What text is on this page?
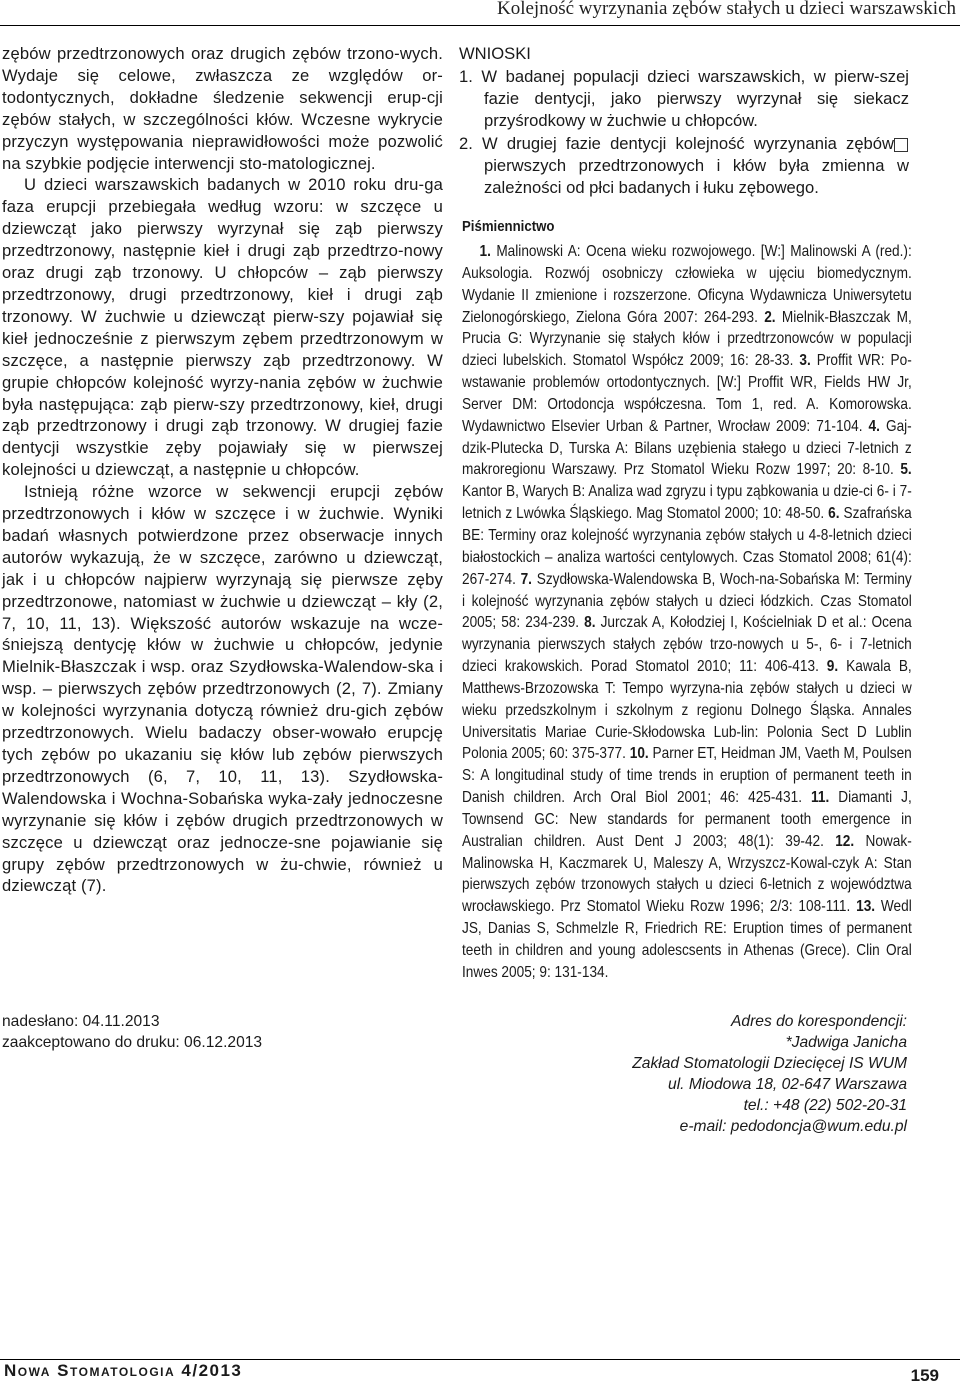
Kolejność wyrzynania zębów stałych u dzieci warszawskich

zębów przedtrzonowych oraz drugich zębów trzono-wych. Wydaje się celowe, zwłaszcza ze względów or-todontycznych, dokładne śledzenie sekwencji erup-cji zębów stałych, w szczególności kłów. Wczesne wykrycie przyczyn występowania nieprawidłowości może pozwolić na szybkie podjęcie interwencji sto-matologicznej.

U dzieci warszawskich badanych w 2010 roku dru-ga faza erupcji przebiegała według wzoru: w szczęce u dziewcząt jako pierwszy wyrzynał się ząb pierwszy przedtrzonowy, następnie kieł i drugi ząb przedtrzo-nowy oraz drugi ząb trzonowy. U chłopców – ząb pierwszy przedtrzonowy, drugi przedtrzonowy, kieł i drugi ząb trzonowy. W żuchwie u dziewcząt pierw-szy pojawiał się kieł jednocześnie z pierwszym zębem przedtrzonowym w szczęce, a następnie pierwszy ząb przedtrzonowy. W grupie chłopców kolejność wyrzy-nania zębów w żuchwie była następująca: ząb pierw-szy przedtrzonowy, kieł, drugi ząb przedtrzonowy i drugi ząb trzonowy. W drugiej fazie dentycji wszystkie zęby pojawiały się w pierwszej kolejności u dziewcząt, a następnie u chłopców.

Istnieją różne wzorce w sekwencji erupcji zębów przedtrzonowych i kłów w szczęce i w żuchwie. Wyniki badań własnych potwierdzone przez obserwacje innych autorów wykazują, że w szczęce, zarówno u dziewcząt, jak i u chłopców najpierw wyrzynają się pierwsze zęby przedtrzonowe, natomiast w żuchwie u dziewcząt – kły (2, 7, 10, 11, 13). Większość autorów wskazuje na wcze-śniejszą dentycję kłów w żuchwie u chłopców, jedynie Mielnik-Błaszczak i wsp. oraz Szydłowska-Walendow-ska i wsp. – pierwszych zębów przedtrzonowych (2, 7). Zmiany w kolejności wyrzynania dotyczą również dru-gich zębów przedtrzonowych. Wielu badaczy obser-wowało erupcję tych zębów po ukazaniu się kłów lub zębów pierwszych przedtrzonowych (6, 7, 10, 11, 13). Szydłowska-Walendowska i Wochna-Sobańska wyka-zały jednoczesne wyrzynanie się kłów i zębów drugich przedtrzonowych w szczęce u dziewcząt oraz jednocze-sne pojawianie się grupy zębów przedtrzonowych w żu-chwie, również u dziewcząt (7).

WNIOSKI
1. W badanej populacji dzieci warszawskich, w pierw-szej fazie dentycji, jako pierwszy wyrzynał się siekacz przyśrodkowy w żuchwie u chłopców.
2. W drugiej fazie dentycji kolejność wyrzynania zębów pierwszych przedtrzonowych i kłów była zmienna w zależności od płci badanych i łuku zębowego.
Piśmiennictwo
1. Malinowski A: Ocena wieku rozwojowego. [W:] Malinowski A (red.): Auksologia. Rozwój osobniczy człowieka w ujęciu biomedycznym. Wydanie II zmienione i rozszerzone. Oficyna Wydawnicza Uniwersytetu Zielonogórskiego, Zielona Góra 2007: 264-293. 2. Mielnik-Błaszczak M, Prucia G: Wyrzynanie się stałych kłów i przedtrzonowców w populacji dzieci lubelskich. Stomatol Współcz 2009; 16: 28-33. 3. Proffit WR: Po-wstawanie problemów ortodontycznych. [W:] Proffit WR, Fields HW Jr, Server DM: Ortodoncja współczesna. Tom 1, red. A. Komorowska. Wydawnictwo Elsevier Urban & Partner, Wrocław 2009: 71-104. 4. Gaj-dzik-Plutecka D, Turska A: Bilans uzębienia stałego u dzieci 7-letnich z makroregionu Warszawy. Prz Stomatol Wieku Rozw 1997; 20: 8-10. 5. Kantor B, Warych B: Analiza wad zgryzu i typu ząbkowania u dzie-ci 6- i 7-letnich z Lwówka Śląskiego. Mag Stomatol 2000; 10: 48-50. 6. Szafrańska BE: Terminy oraz kolejność wyrzynania zębów stałych u 4-8-letnich dzieci białostockich – analiza wartości centylowych. Czas Stomatol 2008; 61(4): 267-274. 7. Szydłowska-Walendowska B, Woch-na-Sobańska M: Terminy i kolejność wyrzynania zębów stałych u dzieci łódzkich. Czas Stomatol 2005; 58: 234-239. 8. Jurczak A, Kołodziej I, Kościelniak D et al.: Ocena wyrzynania pierwszych stałych zębów trzo-nowych u 5-, 6- i 7-letnich dzieci krakowskich. Porad Stomatol 2010; 11: 406-413. 9. Kawala B, Matthews-Brzozowska T: Tempo wyrzyna-nia zębów stałych u dzieci w wieku przedszkolnym i szkolnym z regionu Dolnego Śląska. Annales Universitatis Mariae Curie-Skłodowska Lub-lin: Polonia Sect D Lublin Polonia 2005; 60: 375-377. 10. Parner ET, Heidman JM, Vaeth M, Poulsen S: A longitudinal study of time trends in eruption of permanent teeth in Danish children. Arch Oral Biol 2001; 46: 425-431. 11. Diamanti J, Townsend GC: New standards for permanent tooth emergence in Australian children. Aust Dent J 2003; 48(1): 39-42. 12. Nowak-Malinowska H, Kaczmarek U, Maleszy A, Wrzyszcz-Kowal-czyk A: Stan pierwszych zębów trzonowych stałych u dzieci 6-letnich z województwa wrocławskiego. Prz Stomatol Wieku Rozw 1996; 2/3: 108-111. 13. Wedl JS, Danias S, Schmelzle R, Friedrich RE: Eruption times of permanent teeth in children and young adolescsents in Athenas (Grece). Clin Oral Inwes 2005; 9: 131-134.
nadesłano: 04.11.2013
zaakceptowano do druku: 06.12.2013
Adres do korespondencji:
*Jadwiga Janicha
Zakład Stomatologii Dziecięcej IS WUM
ul. Miodowa 18, 02-647 Warszawa
tel.: +48 (22) 502-20-31
e-mail: pedodoncja@wum.edu.pl
Nowa Stomatologia 4/2013	159
